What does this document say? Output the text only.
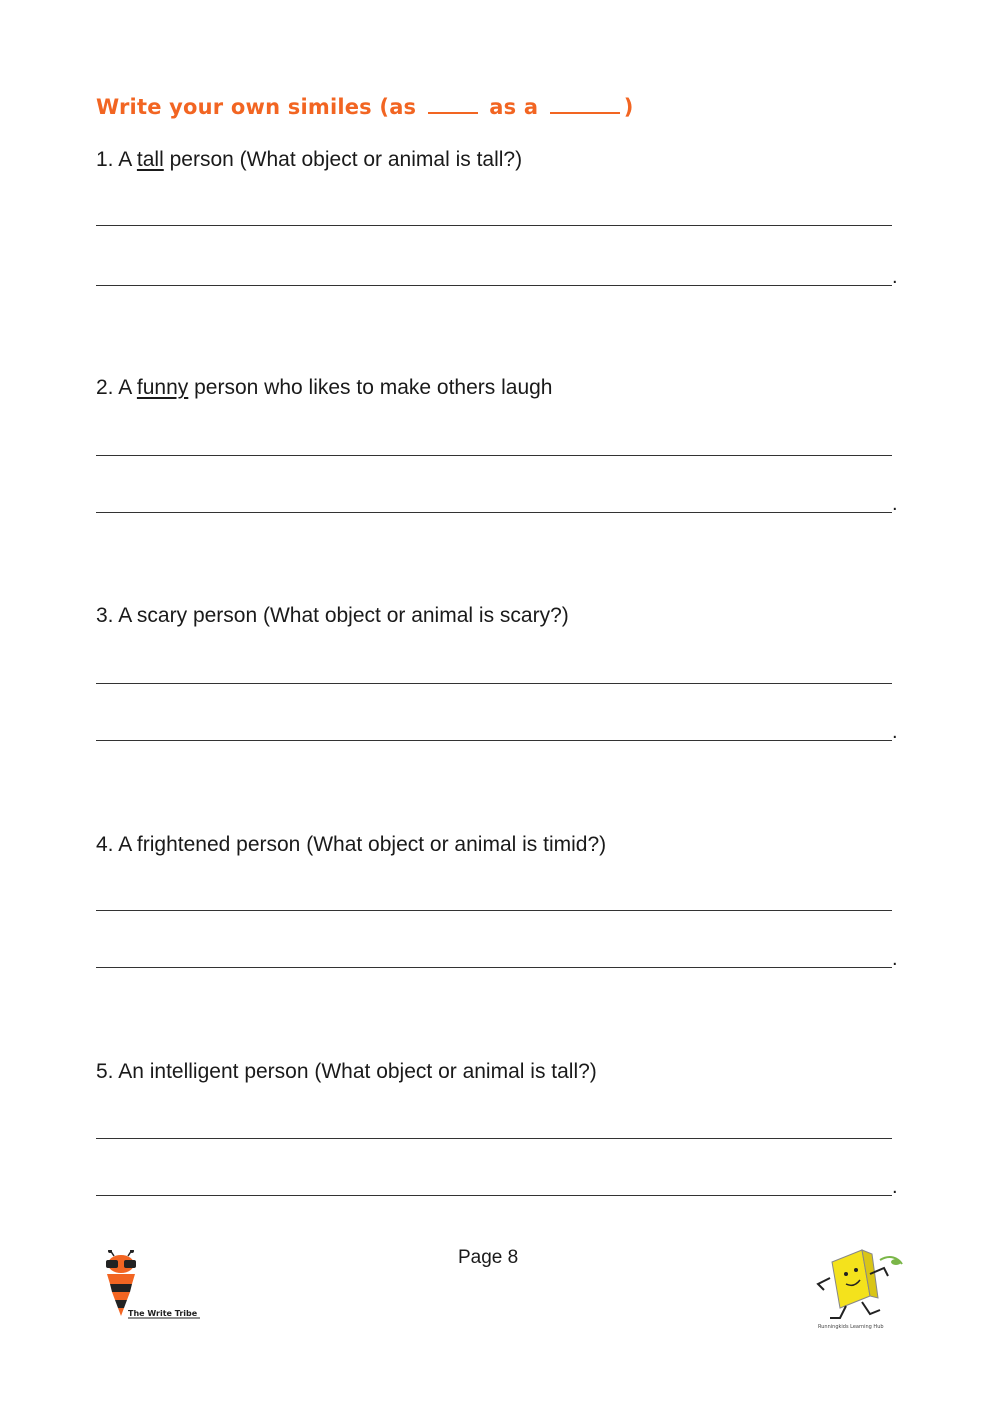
Write your own similes (as	as a	)

1. A tall person (What object or animal is tall?)

.

2. A funny person who likes to make others laugh

.

3. A scary person (What object or animal is scary?)

.

4. A frightened person (What object or animal is timid?)

.

5. An intelligent person (What object or animal is tall?)

.
Page 8
The Write Tribe
Runningkids Learning Hub
